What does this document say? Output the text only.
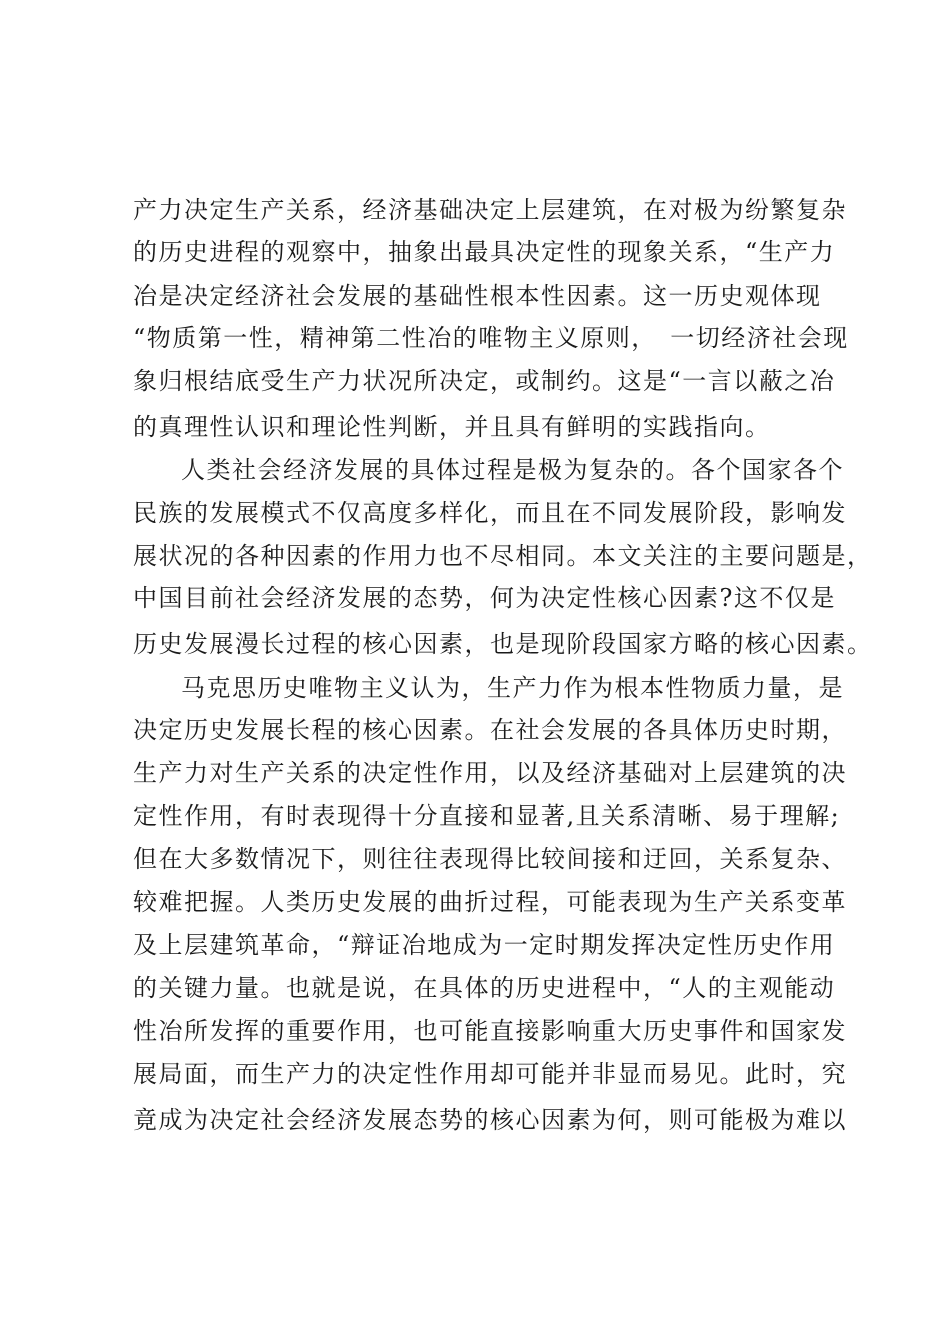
产力决定生产关系，经济基础决定上层建筑，在对极为纷繁复杂
的历史进程的观察中，抽象出最具决定性的现象关系，“生产力
冶是决定经济社会发展的基础性根本性因素。这一历史观体现
“物质第一性，精神第二性冶的唯物主义原则，　一切经济社会现
象归根结底受生产力状况所决定，或制约。这是“一言以蔽之冶
的真理性认识和理论性判断，并且具有鲜明的实践指向。
人类社会经济发展的具体过程是极为复杂的。各个国家各个
民族的发展模式不仅高度多样化，而且在不同发展阶段，影响发
展状况的各种因素的作用力也不尽相同。本文关注的主要问题是，
中国目前社会经济发展的态势，何为决定性核心因素?这不仅是
历史发展漫长过程的核心因素，也是现阶段国家方略的核心因素。
马克思历史唯物主义认为，生产力作为根本性物质力量，是
决定历史发展长程的核心因素。在社会发展的各具体历史时期，
生产力对生产关系的决定性作用，以及经济基础对上层建筑的决
定性作用，有时表现得十分直接和显著,且关系清晰、易于理解;
但在大多数情况下，则往往表现得比较间接和迂回，关系复杂、
较难把握。人类历史发展的曲折过程，可能表现为生产关系变革
及上层建筑革命，“辩证冶地成为一定时期发挥决定性历史作用
的关键力量。也就是说，在具体的历史进程中，“人的主观能动
性冶所发挥的重要作用，也可能直接影响重大历史事件和国家发
展局面，而生产力的决定性作用却可能并非显而易见。此时，究
竟成为决定社会经济发展态势的核心因素为何，则可能极为难以
